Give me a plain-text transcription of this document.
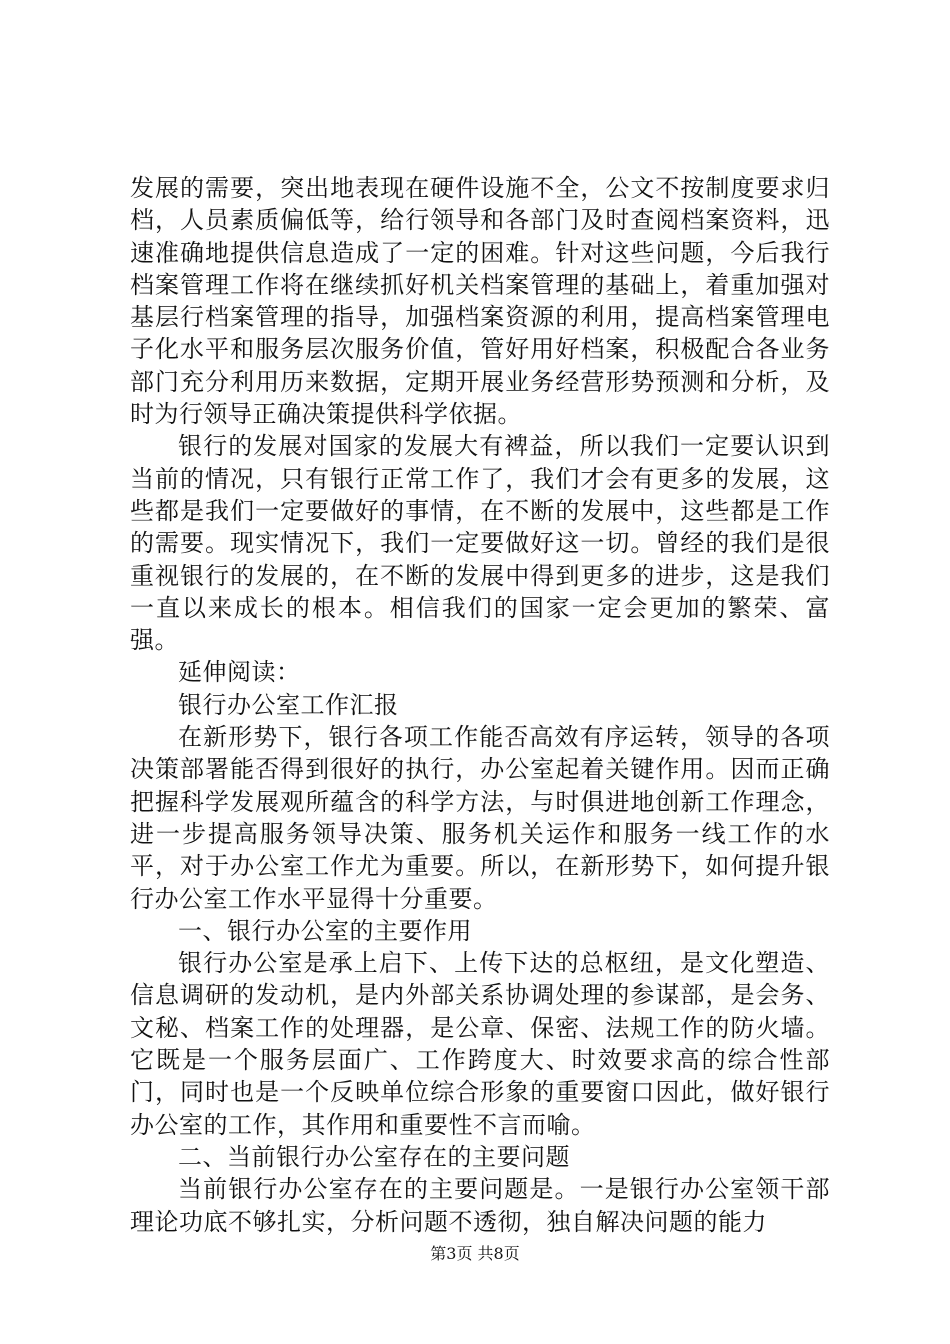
发展的需要，突出地表现在硬件设施不全，公文不按制度要求归档，人员素质偏低等，给行领导和各部门及时查阅档案资料，迅速准确地提供信息造成了一定的困难。针对这些问题，今后我行档案管理工作将在继续抓好机关档案管理的基础上，着重加强对基层行档案管理的指导，加强档案资源的利用，提高档案管理电子化水平和服务层次服务价值，管好用好档案，积极配合各业务部门充分利用历来数据，定期开展业务经营形势预测和分析，及时为行领导正确决策提供科学依据。

银行的发展对国家的发展大有裨益，所以我们一定要认识到当前的情况，只有银行正常工作了，我们才会有更多的发展，这些都是我们一定要做好的事情，在不断的发展中，这些都是工作的需要。现实情况下，我们一定要做好这一切。曾经的我们是很重视银行的发展的，在不断的发展中得到更多的进步，这是我们一直以来成长的根本。相信我们的国家一定会更加的繁荣、富强。

延伸阅读：

银行办公室工作汇报

在新形势下，银行各项工作能否高效有序运转，领导的各项决策部署能否得到很好的执行，办公室起着关键作用。因而正确把握科学发展观所蕴含的科学方法，与时俱进地创新工作理念，进一步提高服务领导决策、服务机关运作和服务一线工作的水平，对于办公室工作尤为重要。所以，在新形势下，如何提升银行办公室工作水平显得十分重要。

一、银行办公室的主要作用

银行办公室是承上启下、上传下达的总枢纽，是文化塑造、信息调研的发动机，是内外部关系协调处理的参谋部，是会务、文秘、档案工作的处理器，是公章、保密、法规工作的防火墙。它既是一个服务层面广、工作跨度大、时效要求高的综合性部门，同时也是一个反映单位综合形象的重要窗口因此，做好银行办公室的工作，其作用和重要性不言而喻。

二、当前银行办公室存在的主要问题

当前银行办公室存在的主要问题是。一是银行办公室领干部理论功底不够扎实，分析问题不透彻，独自解决问题的能力

第3页 共8页
